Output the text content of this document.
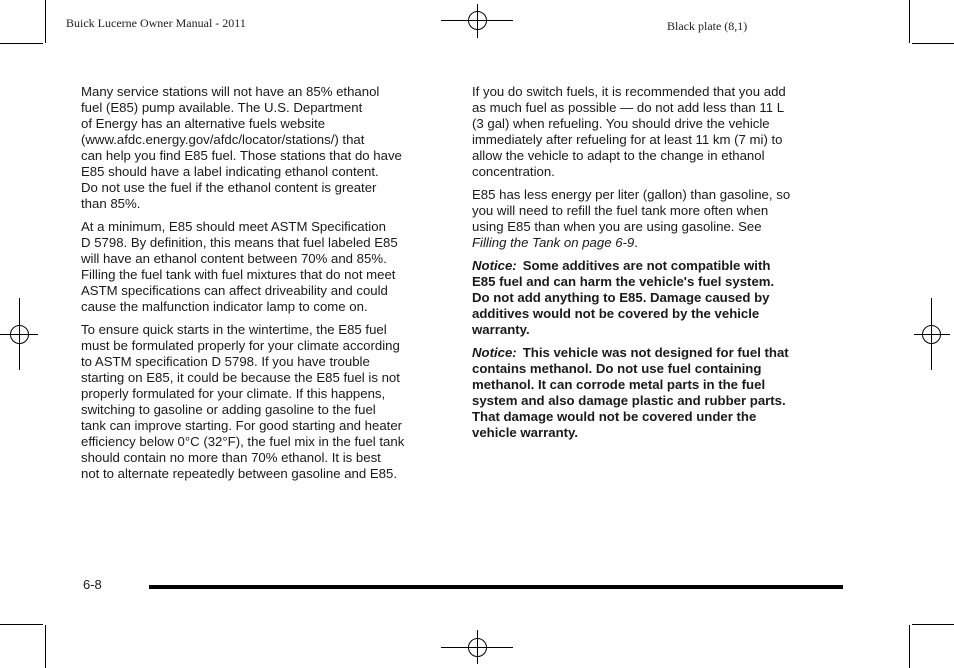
Buick Lucerne Owner Manual - 2011	Black plate (8,1)

Many service stations will not have an 85% ethanol
fuel (E85) pump available. The U.S. Department
of Energy has an alternative fuels website
(www.afdc.energy.gov/afdc/locator/stations/) that
can help you find E85 fuel. Those stations that do have
E85 should have a label indicating ethanol content.
Do not use the fuel if the ethanol content is greater
than 85%.

At a minimum, E85 should meet ASTM Specification
D 5798. By definition, this means that fuel labeled E85
will have an ethanol content between 70% and 85%.
Filling the fuel tank with fuel mixtures that do not meet
ASTM specifications can affect driveability and could
cause the malfunction indicator lamp to come on.

To ensure quick starts in the wintertime, the E85 fuel
must be formulated properly for your climate according
to ASTM specification D 5798. If you have trouble
starting on E85, it could be because the E85 fuel is not
properly formulated for your climate. If this happens,
switching to gasoline or adding gasoline to the fuel
tank can improve starting. For good starting and heater
efficiency below 0°C (32°F), the fuel mix in the fuel tank
should contain no more than 70% ethanol. It is best
not to alternate repeatedly between gasoline and E85.

If you do switch fuels, it is recommended that you add
as much fuel as possible — do not add less than 11 L
(3 gal) when refueling. You should drive the vehicle
immediately after refueling for at least 11 km (7 mi) to
allow the vehicle to adapt to the change in ethanol
concentration.

E85 has less energy per liter (gallon) than gasoline, so
you will need to refill the fuel tank more often when
using E85 than when you are using gasoline. See
Filling the Tank on page 6-9.

Notice: Some additives are not compatible with
E85 fuel and can harm the vehicle's fuel system.
Do not add anything to E85. Damage caused by
additives would not be covered by the vehicle
warranty.

Notice: This vehicle was not designed for fuel that
contains methanol. Do not use fuel containing
methanol. It can corrode metal parts in the fuel
system and also damage plastic and rubber parts.
That damage would not be covered under the
vehicle warranty.

6-8
